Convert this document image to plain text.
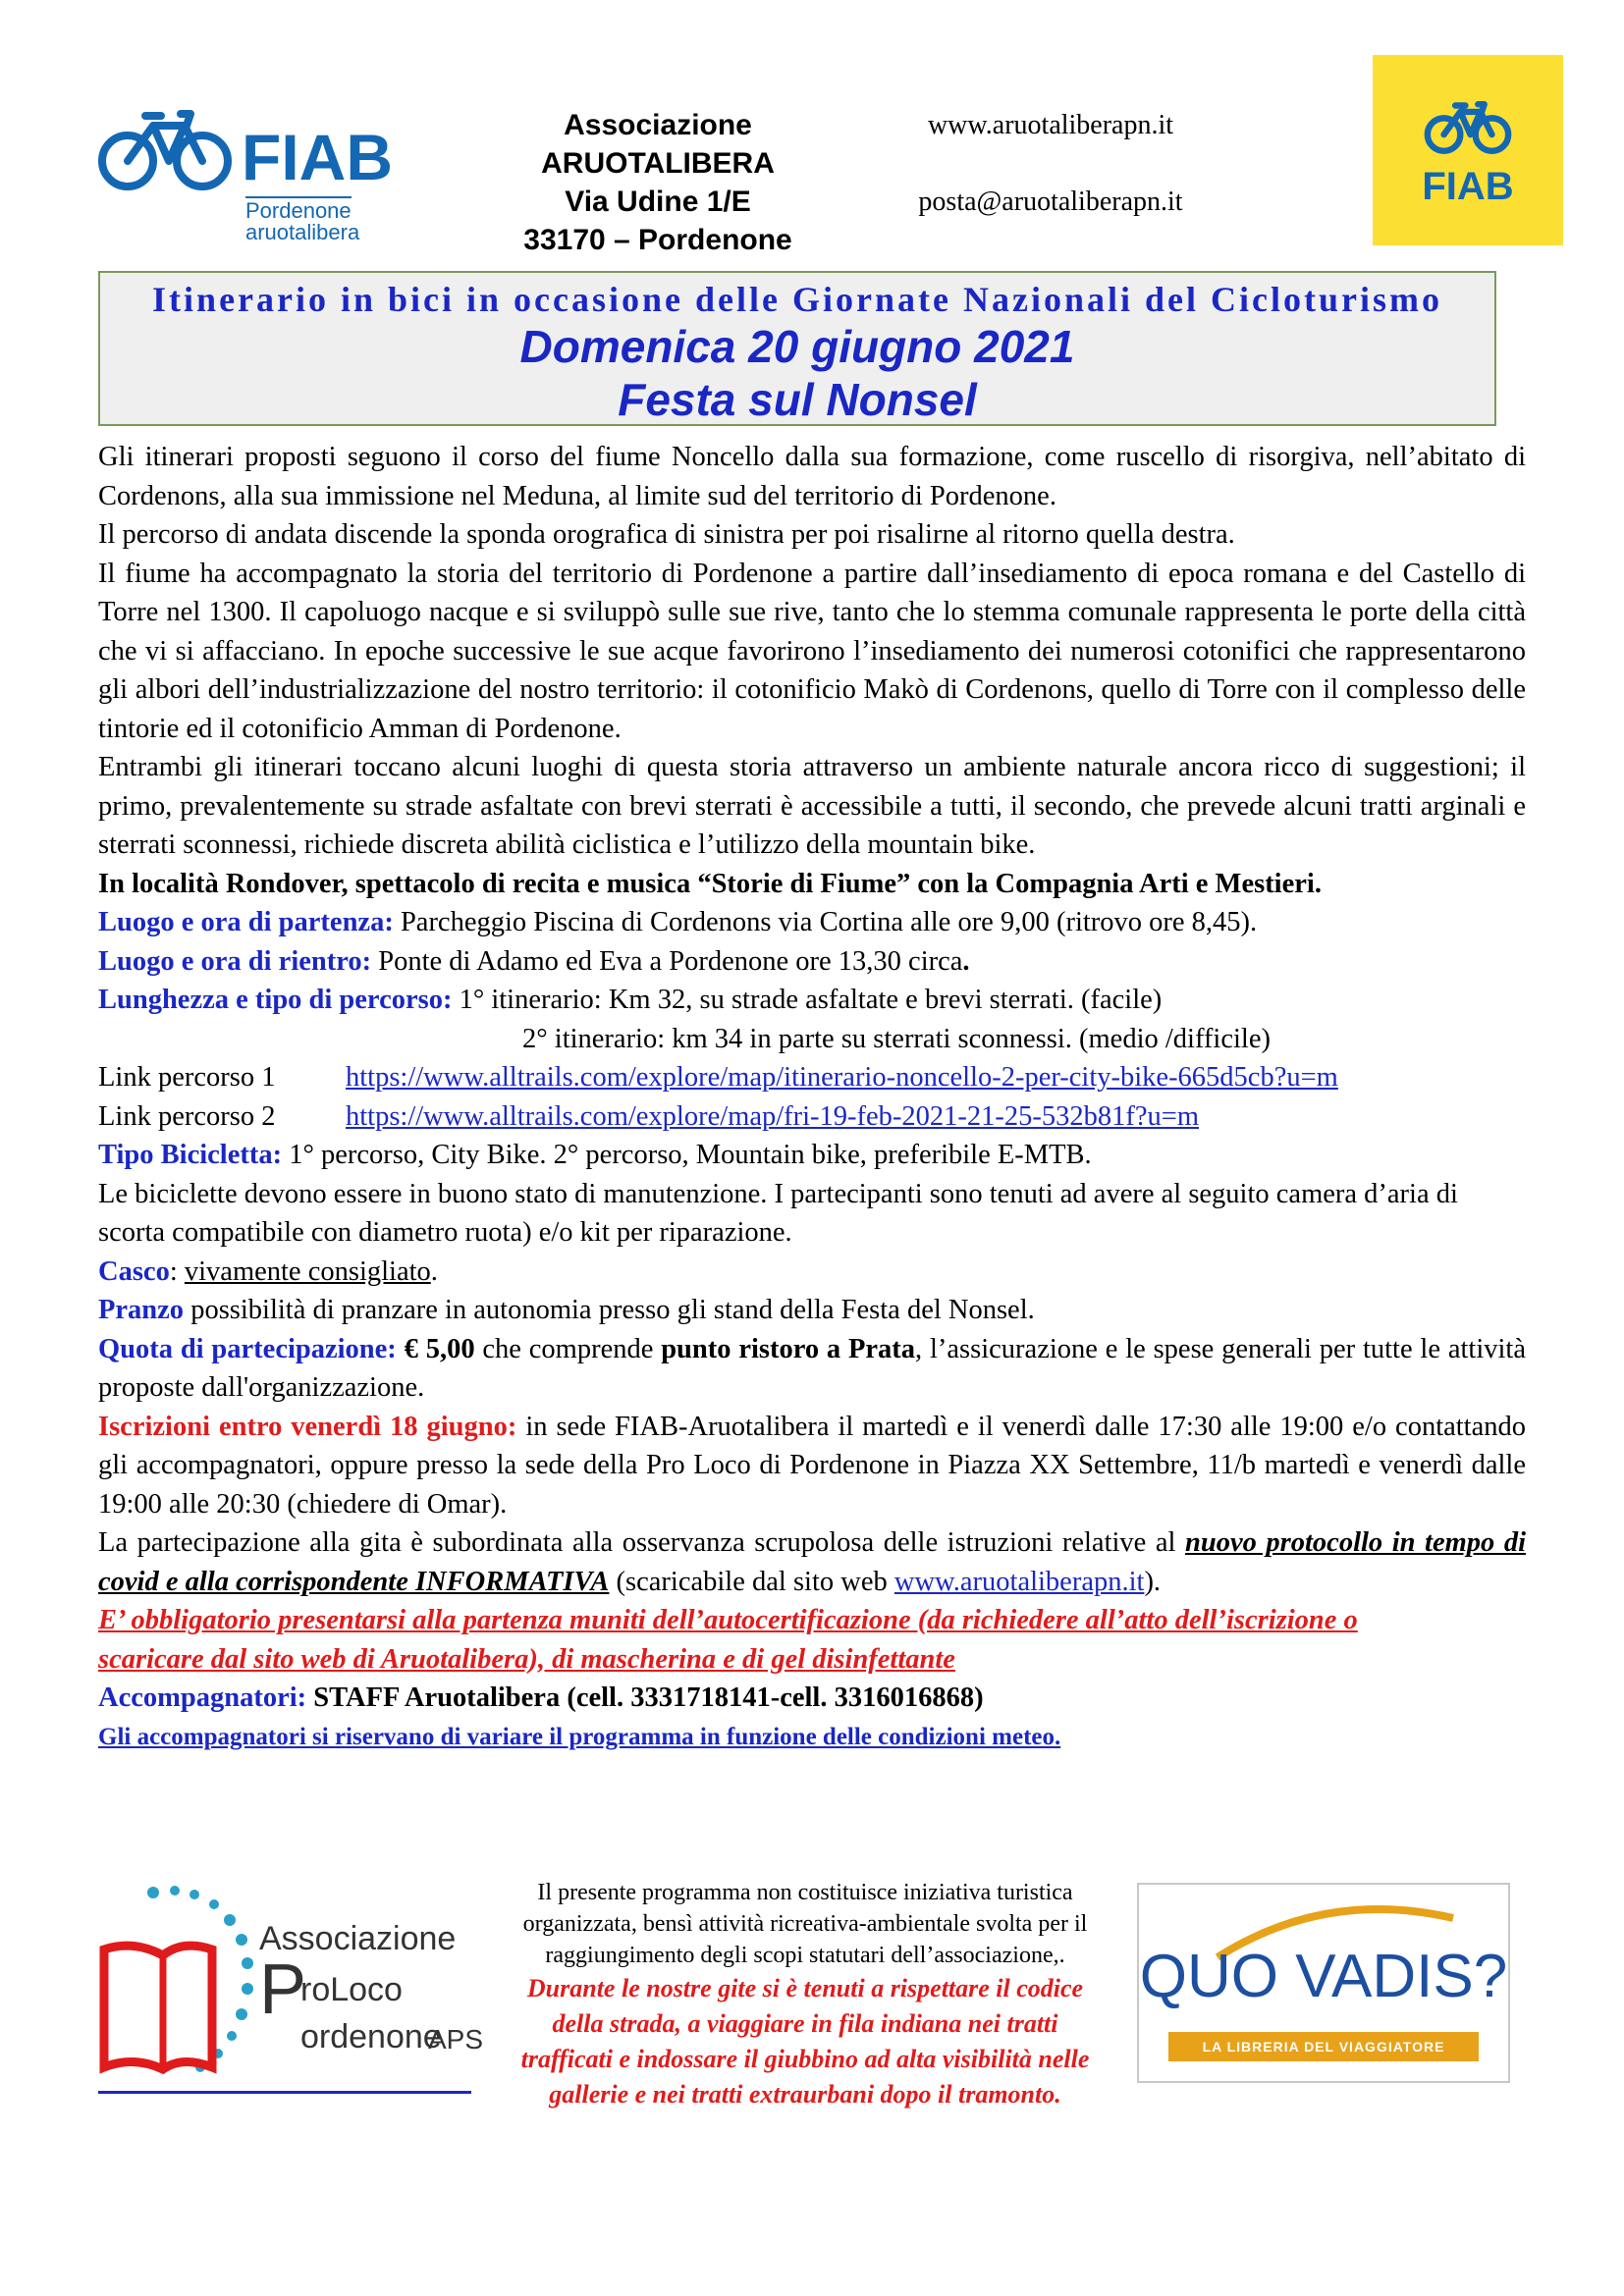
FIAB
Pordenone
aruotalibera
Associazione
ARUOTALIBERA
Via Udine 1/E
33170 – Pordenone
www.aruotaliberapn.it
posta@aruotaliberapn.it	FIAB
Itinerario in bici in occasione delle Giornate Nazionali del Cicloturismo
Domenica 20 giugno 2021
Festa sul Nonsel

Gli itinerari proposti seguono il corso del fiume Noncello dalla sua formazione, come ruscello di risorgiva, nell’abitato di Cordenons, alla sua immissione nel Meduna, al limite sud del territorio di Pordenone.

Il percorso di andata discende la sponda orografica di sinistra per poi risalirne al ritorno quella destra.

Il fiume ha accompagnato la storia del territorio di Pordenone a partire dall’insediamento di epoca romana e del Castello di Torre nel 1300. Il capoluogo nacque e si sviluppò sulle sue rive, tanto che lo stemma comunale rappresenta le porte della città che vi si affacciano. In epoche successive le sue acque favorirono l’insediamento dei numerosi cotonifici che rappresentarono gli albori dell’industrializzazione del nostro territorio: il cotonificio Makò di Cordenons, quello di Torre con il complesso delle tintorie ed il cotonificio Amman di Pordenone.

Entrambi gli itinerari toccano alcuni luoghi di questa storia attraverso un ambiente naturale ancora ricco di suggestioni; il primo, prevalentemente su strade asfaltate con brevi sterrati è accessibile a tutti, il secondo, che prevede alcuni tratti arginali e sterrati sconnessi, richiede discreta abilità ciclistica e l’utilizzo della mountain bike.

In località Rondover, spettacolo di recita e musica “Storie di Fiume” con la Compagnia Arti e Mestieri.

Luogo e ora di partenza: Parcheggio Piscina di Cordenons via Cortina alle ore 9,00 (ritrovo ore 8,45).

Luogo e ora di rientro: Ponte di Adamo ed Eva a Pordenone ore 13,30 circa.

Lunghezza e tipo di percorso: 1° itinerario: Km 32, su strade asfaltate e brevi sterrati. (facile)

2° itinerario: km 34 in parte su sterrati sconnessi. (medio /difficile)

Link percorso 1	https://www.alltrails.com/explore/map/itinerario-noncello-2-per-city-bike-665d5cb?u=m

Link percorso 2	https://www.alltrails.com/explore/map/fri-19-feb-2021-21-25-532b81f?u=m

Tipo Bicicletta: 1° percorso, City Bike. 2° percorso, Mountain bike, preferibile E-MTB.

Le biciclette devono essere in buono stato di manutenzione. I partecipanti sono tenuti ad avere al seguito camera d’aria di scorta compatibile con diametro ruota) e/o kit per riparazione.

Casco: vivamente consigliato.

Pranzo possibilità di pranzare in autonomia presso gli stand della Festa del Nonsel.

Quota di partecipazione: € 5,00 che comprende punto ristoro a Prata, l’assicurazione e le spese generali per tutte le attività proposte dall'organizzazione.

Iscrizioni entro venerdì 18 giugno: in sede FIAB-Aruotalibera il martedì e il venerdì dalle 17:30 alle 19:00 e/o contattando gli accompagnatori, oppure presso la sede della Pro Loco di Pordenone in Piazza XX Settembre, 11/b martedì e venerdì dalle 19:00 alle 20:30 (chiedere di Omar).

La partecipazione alla gita è subordinata alla osservanza scrupolosa delle istruzioni relative al nuovo protocollo in tempo di covid e alla corrispondente INFORMATIVA (scaricabile dal sito web www.aruotaliberapn.it).

E’ obbligatorio presentarsi alla partenza muniti dell’autocertificazione (da richiedere all’atto dell’iscrizione o scaricare dal sito web di Aruotalibera), di mascherina e di gel disinfettante

Accompagnatori: STAFF Aruotalibera (cell. 3331718141-cell. 3316016868)

Gli accompagnatori si riservano di variare il programma in funzione delle condizioni meteo.

Associazione
P
roLoco
ordenone
APS
Il presente programma non costituisce iniziativa turistica organizzata, bensì attività ricreativa-ambientale svolta per il raggiungimento degli scopi statutari dell’associazione,.
Durante le nostre gite si è tenuti a rispettare il codice della strada, a viaggiare in fila indiana nei tratti trafficati e indossare il giubbino ad alta visibilità nelle gallerie e nei tratti extraurbani dopo il tramonto.
QUO VADIS?
LA LIBRERIA DEL VIAGGIATORE
